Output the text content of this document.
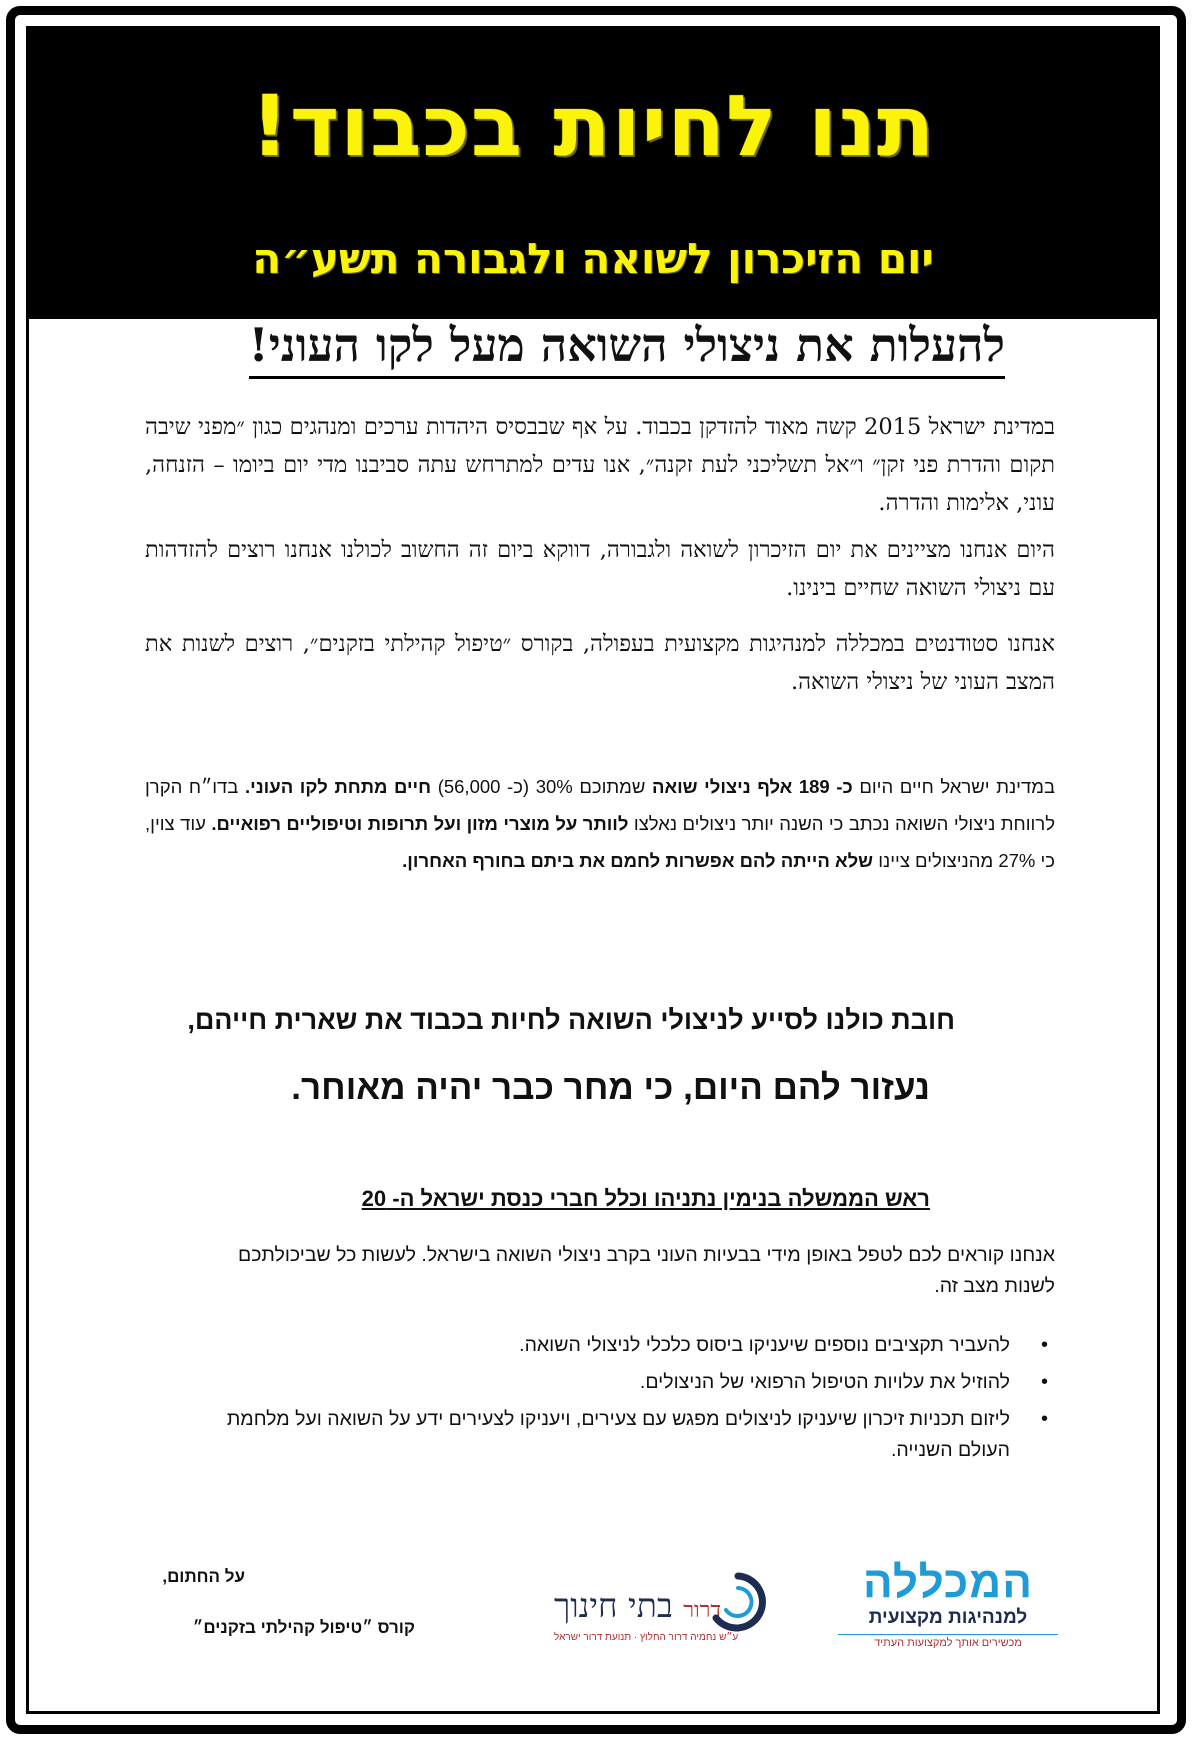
תנו לחיות בכבוד!
יום הזיכרון לשואה ולגבורה תשע״ה
להעלות את ניצולי השואה מעל לקו העוני!
במדינת ישראל 2015 קשה מאוד להזדקן בכבוד. על אף שבבסיס היהדות ערכים ומנהגים כגון ״מפני שיבה תקום והדרת פני זקן״ ו״אל תשליכני לעת זקנה״, אנו עדים למתרחש עתה סביבנו מדי יום ביומו – הזנחה, עוני, אלימות והדרה.
היום אנחנו מציינים את יום הזיכרון לשואה ולגבורה, דווקא ביום זה החשוב לכולנו אנחנו רוצים להזדהות עם ניצולי השואה שחיים בינינו.
אנחנו סטודנטים במכללה למנהיגות מקצועית בעפולה, בקורס ״טיפול קהילתי בזקנים״, רוצים לשנות את המצב העוני של ניצולי השואה.
במדינת ישראל חיים היום כ- 189 אלף ניצולי שואה שמתוכם 30% (כ- 56,000) חיים מתחת לקו העוני. בדו״ח הקרן לרווחת ניצולי השואה נכתב כי השנה יותר ניצולים נאלצו לוותר על מוצרי מזון ועל תרופות וטיפוליים רפואיים. עוד צוין, כי 27% מהניצולים ציינו שלא הייתה להם אפשרות לחמם את ביתם בחורף האחרון.
חובת כולנו לסייע לניצולי השואה לחיות בכבוד את שארית חייהם,
נעזור להם היום, כי מחר כבר יהיה מאוחר.
ראש הממשלה בנימין נתניהו וכלל חברי כנסת ישראל ה- 20
אנחנו קוראים לכם לטפל באופן מידי בבעיות העוני בקרב ניצולי השואה בישראל. לעשות כל שביכולתכם לשנות מצב זה.
•
להעביר תקציבים נוספים שיעניקו ביסוס כלכלי לניצולי השואה.
•
להוזיל את עלויות הטיפול הרפואי של הניצולים.
•
ליזום תכניות זיכרון שיעניקו לניצולים מפגש עם צעירים, ויעניקו לצעירים ידע על השואה ועל מלחמת העולם השנייה.
על החתום,
קורס ״טיפול קהילתי בזקנים״
דרור בתי חינוך
ע״ש נחמיה דרור החלוץ · תנועת דרור ישראל
המכללה
למנהיגות מקצועית
מכשירים אותך למקצועות העתיד
